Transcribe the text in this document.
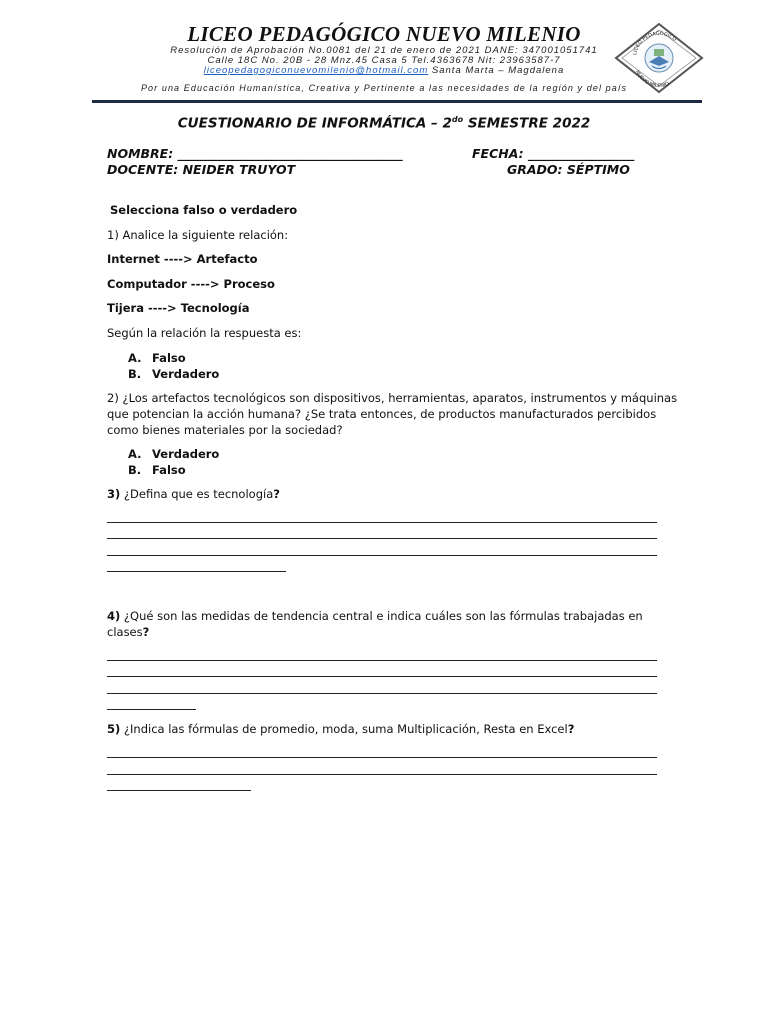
LICEO PEDAGÓGICO NUEVO MILENIO
Resolución de Aprobación No.0081 del 21 de enero de 2021 DANE: 347001051741
Calle 18C No. 20B - 28 Mnz.45 Casa 5 Tel.4363678 Nit: 23963587-7
liceopedagogiconuevomilenio@hotmail.com Santa Marta – Magdalena
Por una Educación Humanística, Creativa y Pertinente a las necesidades de la región y del país
LICEO PEDAGÓGICO
NUEVO MILENIO
CUESTIONARIO DE INFORMÁTICA – $2^{do}$ SEMESTRE 2022
NOMBRE: ____________________________________	FECHA: _________________
DOCENTE: NEIDER TRUYOT	GRADO: SÉPTIMO
Selecciona falso o verdadero
1) Analice la siguiente relación:
Internet ----> Artefacto
Computador ----> Proceso
Tijera ----> Tecnología
Según la relación la respuesta es:
A. Falso
B. Verdadero
2) ¿Los artefactos tecnológicos son dispositivos, herramientas, aparatos, instrumentos y máquinas
que potencian la acción humana? ¿Se trata entonces, de productos manufacturados percibidos
como bienes materiales por la sociedad?
A. Verdadero
B. Falso
3) ¿Defina que es tecnología?
4) ¿Qué son las medidas de tendencia central e indica cuáles son las fórmulas trabajadas en
clases?
5) ¿Indica las fórmulas de promedio, moda, suma Multiplicación, Resta en Excel?
